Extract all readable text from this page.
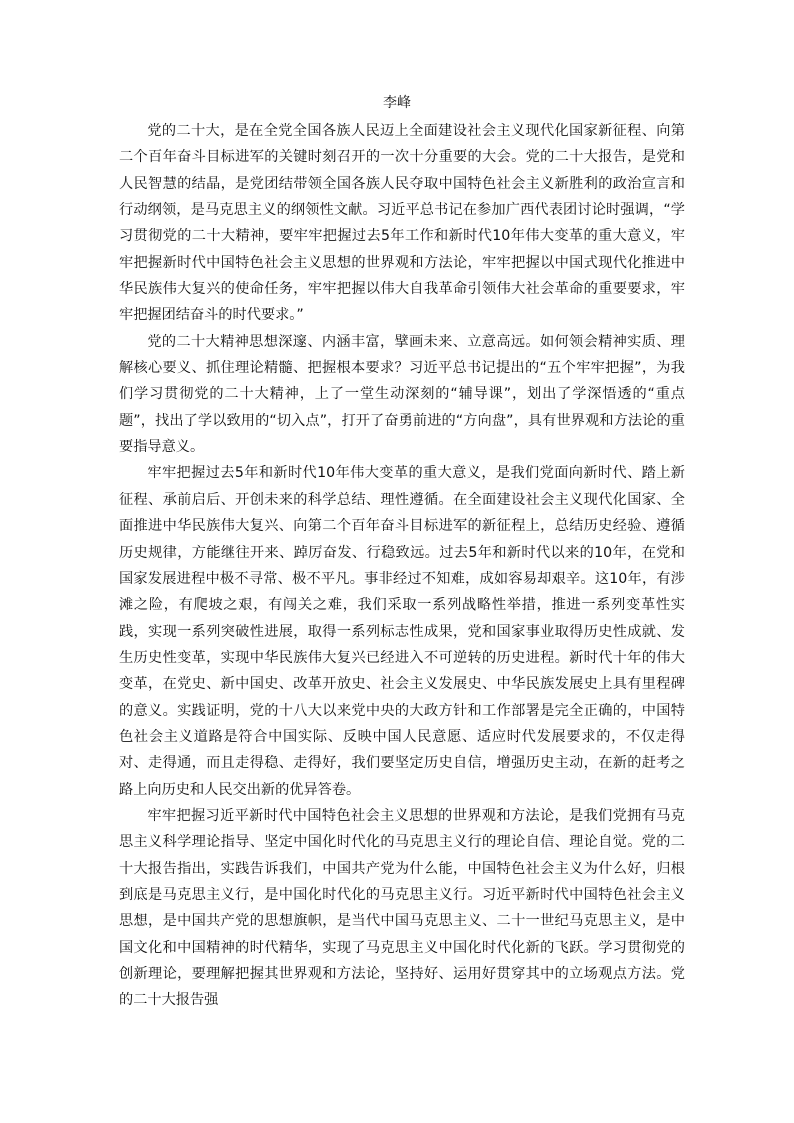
李峰

党的二十大，是在全党全国各族人民迈上全面建设社会主义现代化国家新征程、向第二个百年奋斗目标进军的关键时刻召开的一次十分重要的大会。党的二十大报告，是党和人民智慧的结晶，是党团结带领全国各族人民夺取中国特色社会主义新胜利的政治宣言和行动纲领，是马克思主义的纲领性文献。习近平总书记在参加广西代表团讨论时强调，“学习贯彻党的二十大精神，要牢牢把握过去5年工作和新时代10年伟大变革的重大意义，牢牢把握新时代中国特色社会主义思想的世界观和方法论，牢牢把握以中国式现代化推进中华民族伟大复兴的使命任务，牢牢把握以伟大自我革命引领伟大社会革命的重要要求，牢牢把握团结奋斗的时代要求。”

党的二十大精神思想深邃、内涵丰富，擘画未来、立意高远。如何领会精神实质、理解核心要义、抓住理论精髓、把握根本要求？习近平总书记提出的“五个牢牢把握”，为我们学习贯彻党的二十大精神，上了一堂生动深刻的“辅导课”，划出了学深悟透的“重点题”，找出了学以致用的“切入点”，打开了奋勇前进的“方向盘”，具有世界观和方法论的重要指导意义。

牢牢把握过去5年和新时代10年伟大变革的重大意义，是我们党面向新时代、踏上新征程、承前启后、开创未来的科学总结、理性遵循。在全面建设社会主义现代化国家、全面推进中华民族伟大复兴、向第二个百年奋斗目标进军的新征程上，总结历史经验、遵循历史规律，方能继往开来、踔厉奋发、行稳致远。过去5年和新时代以来的10年，在党和国家发展进程中极不寻常、极不平凡。事非经过不知难，成如容易却艰辛。这10年，有涉滩之险，有爬坡之艰，有闯关之难，我们采取一系列战略性举措，推进一系列变革性实践，实现一系列突破性进展，取得一系列标志性成果，党和国家事业取得历史性成就、发生历史性变革，实现中华民族伟大复兴已经进入不可逆转的历史进程。新时代十年的伟大变革，在党史、新中国史、改革开放史、社会主义发展史、中华民族发展史上具有里程碑的意义。实践证明，党的十八大以来党中央的大政方针和工作部署是完全正确的，中国特色社会主义道路是符合中国实际、反映中国人民意愿、适应时代发展要求的，不仅走得对、走得通，而且走得稳、走得好，我们要坚定历史自信，增强历史主动，在新的赶考之路上向历史和人民交出新的优异答卷。

牢牢把握习近平新时代中国特色社会主义思想的世界观和方法论，是我们党拥有马克思主义科学理论指导、坚定中国化时代化的马克思主义行的理论自信、理论自觉。党的二十大报告指出，实践告诉我们，中国共产党为什么能，中国特色社会主义为什么好，归根到底是马克思主义行，是中国化时代化的马克思主义行。习近平新时代中国特色社会主义思想，是中国共产党的思想旗帜，是当代中国马克思主义、二十一世纪马克思主义，是中国文化和中国精神的时代精华，实现了马克思主义中国化时代化新的飞跃。学习贯彻党的创新理论，要理解把握其世界观和方法论，坚持好、运用好贯穿其中的立场观点方法。党的二十大报告强
